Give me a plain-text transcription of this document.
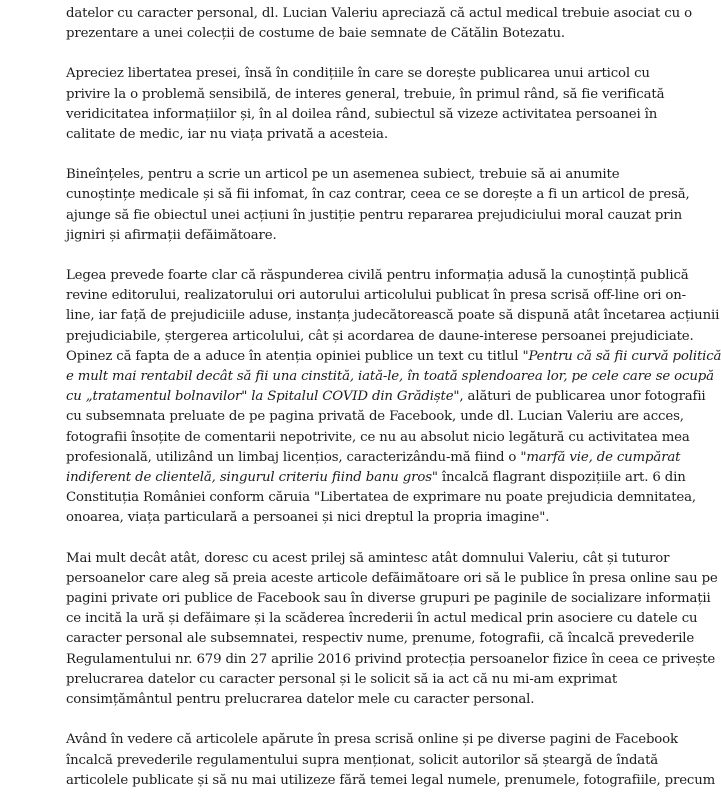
datelor cu caracter personal, dl. Lucian Valeriu apreciază că actul medical trebuie asociat cu o
prezentare a unei colecții de costume de baie semnate de Cătălin Botezatu.

Apreciez libertatea presei, însă în condițiile în care se dorește publicarea unui articol cu
privire la o problemă sensibilă, de interes general, trebuie, în primul rând, să fie verificată
veridicitatea informațiilor și, în al doilea rând, subiectul să vizeze activitatea persoanei în
calitate de medic, iar nu viața privată a acesteia.

Bineînțeles, pentru a scrie un articol pe un asemenea subiect, trebuie să ai anumite
cunoștințe medicale și să fii infomat, în caz contrar, ceea ce se dorește a fi un articol de presă,
ajunge să fie obiectul unei acțiuni în justiție pentru repararea prejudiciului moral cauzat prin
jigniri și afirmații defăimătoare.

Legea prevede foarte clar că răspunderea civilă pentru informația adusă la cunoștință publică
revine editorului, realizatorului ori autorului articolului publicat în presa scrisă off-line ori on-
line, iar față de prejudiciile aduse, instanța judecătorească poate să dispună atât încetarea acțiunii
prejudiciabile, ștergerea articolului, cât și acordarea de daune-interese persoanei prejudiciate.
Opinez că fapta de a aduce în atenția opiniei publice un text cu titlul "Pentru că să fii curvă politică
e mult mai rentabil decât să fii una cinstită, iată-le, în toată splendoarea lor, pe cele care se ocupă
cu „tratamentul bolnavilor" la Spitalul COVID din Grădiște", alături de publicarea unor fotografii
cu subsemnata preluate de pe pagina privată de Facebook, unde dl. Lucian Valeriu are acces,
fotografii însoțite de comentarii nepotrivite, ce nu au absolut nicio legătură cu activitatea mea
profesională, utilizând un limbaj licențios, caracterizându-mă fiind o "marfă vie, de cumpărat
indiferent de clientelă, singurul criteriu fiind banu gros" încalcă flagrant dispozițiile art. 6 din
Constituția României conform căruia "Libertatea de exprimare nu poate prejudicia demnitatea,
onoarea, viața particulară a persoanei și nici dreptul la propria imagine".

Mai mult decât atât, doresc cu acest prilej să amintesc atât domnului Valeriu, cât și tuturor
persoanelor care aleg să preia aceste articole defăimătoare ori să le publice în presa online sau pe
pagini private ori publice de Facebook sau în diverse grupuri pe paginile de socializare informații
ce incită la ură și defăimare și la scăderea încrederii în actul medical prin asociere cu datele cu
caracter personal ale subsemnatei, respectiv nume, prenume, fotografii, că încalcă prevederile
Regulamentului nr. 679 din 27 aprilie 2016 privind protecția persoanelor fizice în ceea ce privește
prelucrarea datelor cu caracter personal și le solicit să ia act că nu mi-am exprimat
consimțământul pentru prelucrarea datelor mele cu caracter personal.

Având în vedere că articolele apărute în presa scrisă online și pe diverse pagini de Facebook
încalcă prevederile regulamentului supra menționat, solicit autorilor să șteargă de îndată
articolele publicate și să nu mai utilizeze fără temei legal numele, prenumele, fotografiile, precum
